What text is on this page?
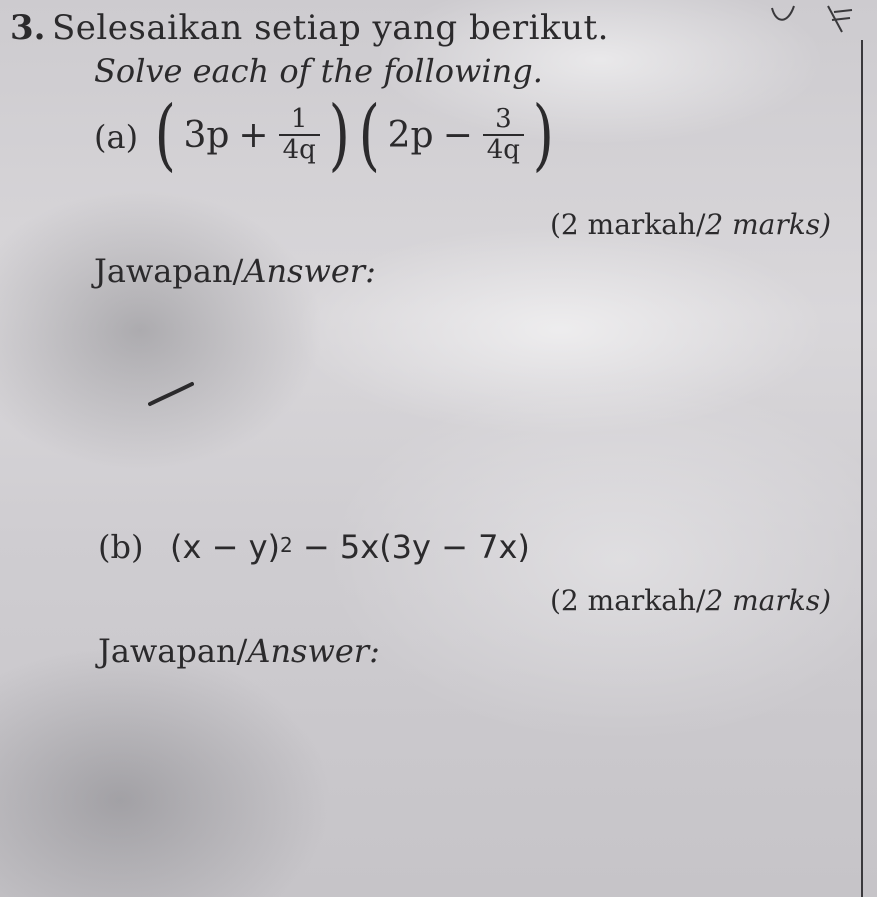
3. Selesaikan setiap yang berikut.
Solve each of the following.
(a) ( $3p + \frac{1}{4q}$ ) ( $2p - \frac{3}{4q}$ )
(2 markah/2 marks)
Jawapan/Answer:
(b) $(x - y)^2 - 5x(3y - 7x)$
(2 markah/2 marks)
Jawapan/Answer:
